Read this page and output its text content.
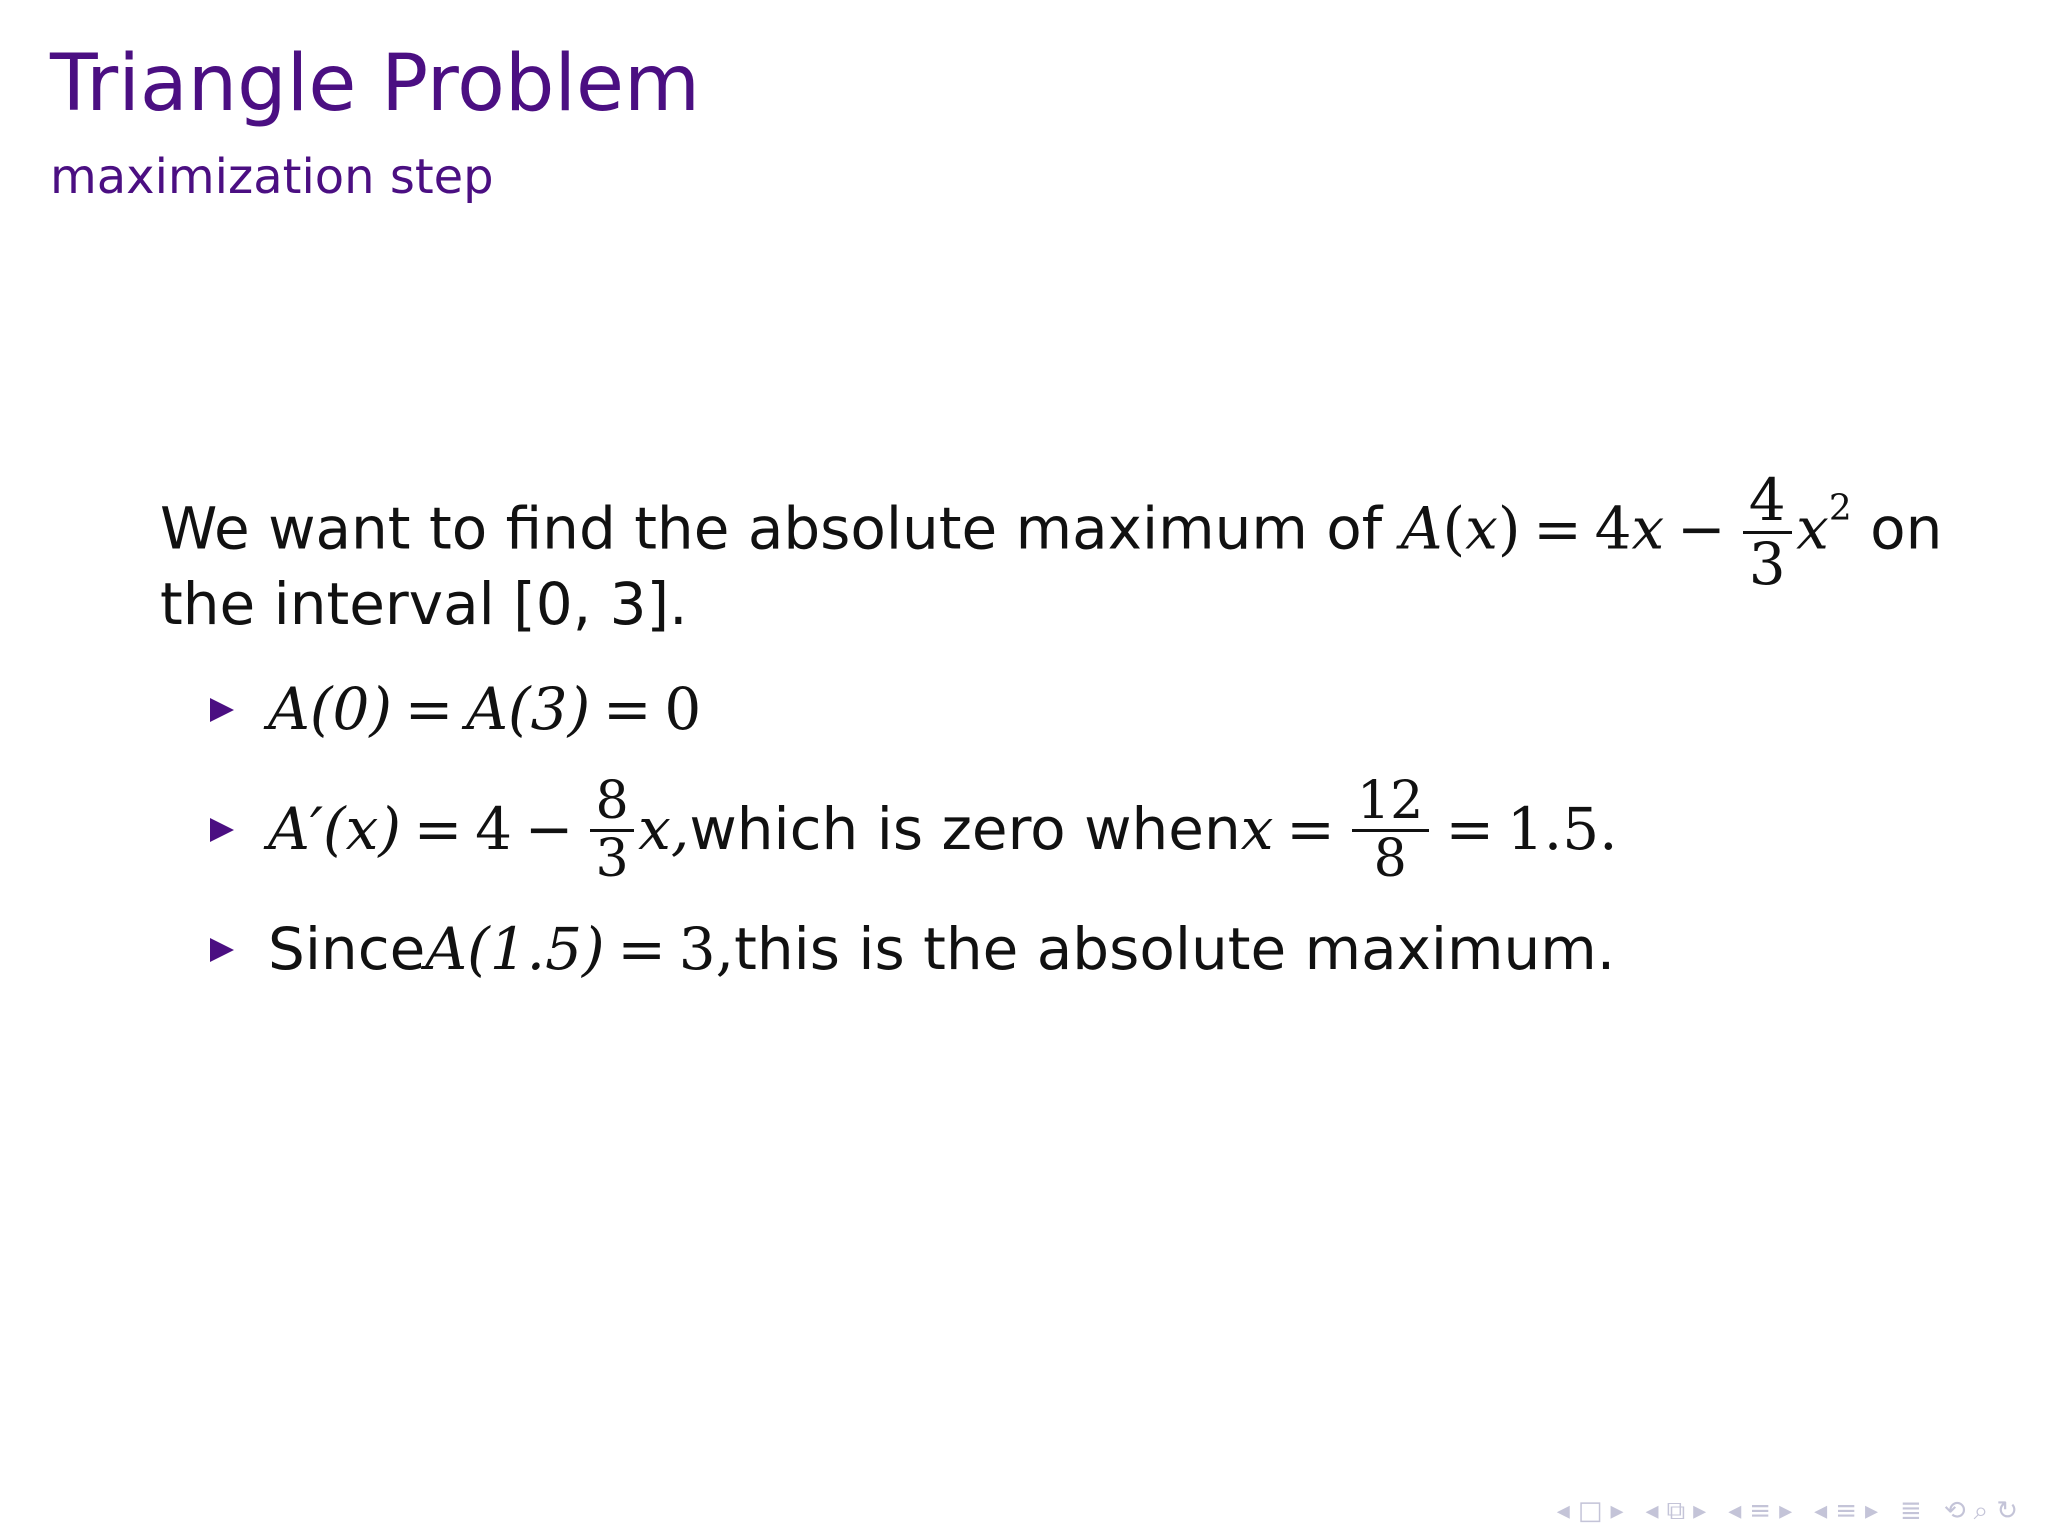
Triangle Problem
maximization step
We want to find the absolute maximum of $A(x) = 4x - \frac{4}{3} x^2$ on
the interval [0, 3].
A(0) = A(3) = 0
$A'(x) = 4 - \frac{8}{3} x$, which is zero when $x = \frac{12}{8} = 1.5$.
Since A(1.5) = 3, this is the absolute maximum.
◂ □ ▸ ◂ ⧉ ▸ ◂ ≡ ▸ ◂ ≡ ▸ ≣ ⟲ ⌕ ↻
